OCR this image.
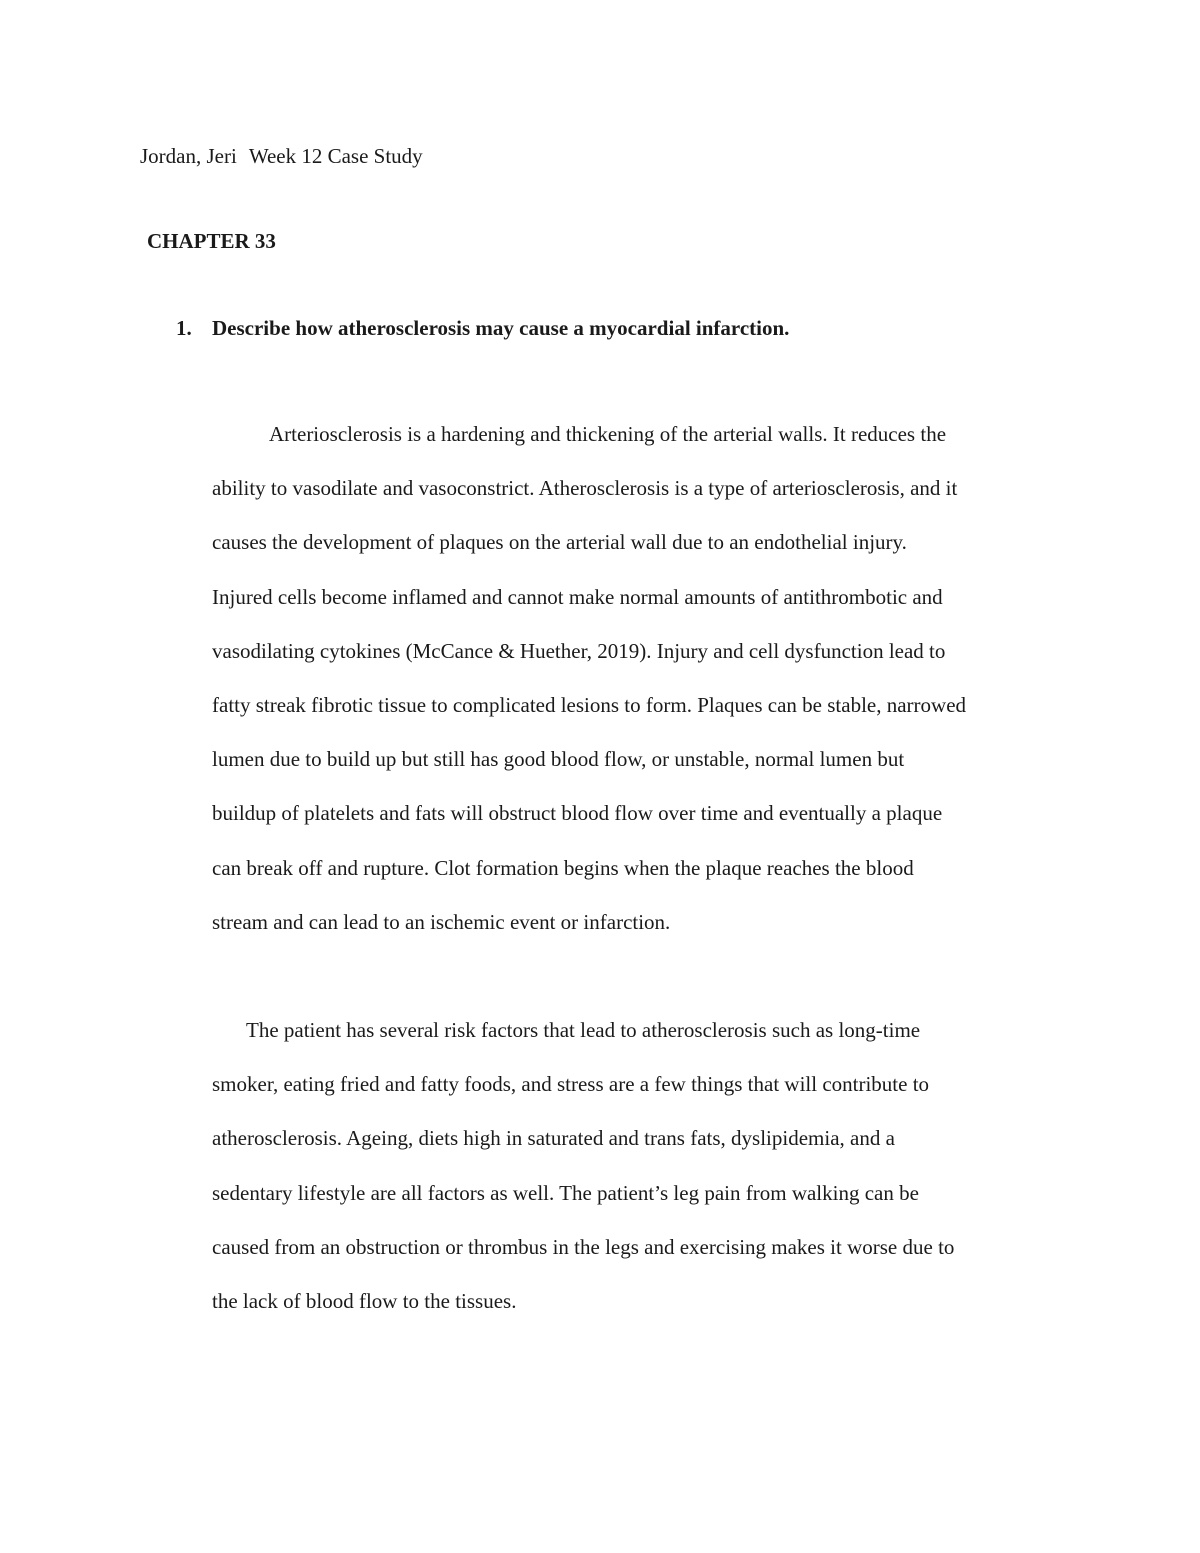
Jordan, Jeri Week 12 Case Study
CHAPTER 33
1. Describe how atherosclerosis may cause a myocardial infarction.
Arteriosclerosis is a hardening and thickening of the arterial walls. It reduces the
ability to vasodilate and vasoconstrict. Atherosclerosis is a type of arteriosclerosis, and it
causes the development of plaques on the arterial wall due to an endothelial injury.
Injured cells become inflamed and cannot make normal amounts of antithrombotic and
vasodilating cytokines (McCance & Huether, 2019). Injury and cell dysfunction lead to
fatty streak fibrotic tissue to complicated lesions to form. Plaques can be stable, narrowed
lumen due to build up but still has good blood flow, or unstable, normal lumen but
buildup of platelets and fats will obstruct blood flow over time and eventually a plaque
can break off and rupture. Clot formation begins when the plaque reaches the blood
stream and can lead to an ischemic event or infarction.
The patient has several risk factors that lead to atherosclerosis such as long-time
smoker, eating fried and fatty foods, and stress are a few things that will contribute to
atherosclerosis. Ageing, diets high in saturated and trans fats, dyslipidemia, and a
sedentary lifestyle are all factors as well. The patient’s leg pain from walking can be
caused from an obstruction or thrombus in the legs and exercising makes it worse due to
the lack of blood flow to the tissues.
